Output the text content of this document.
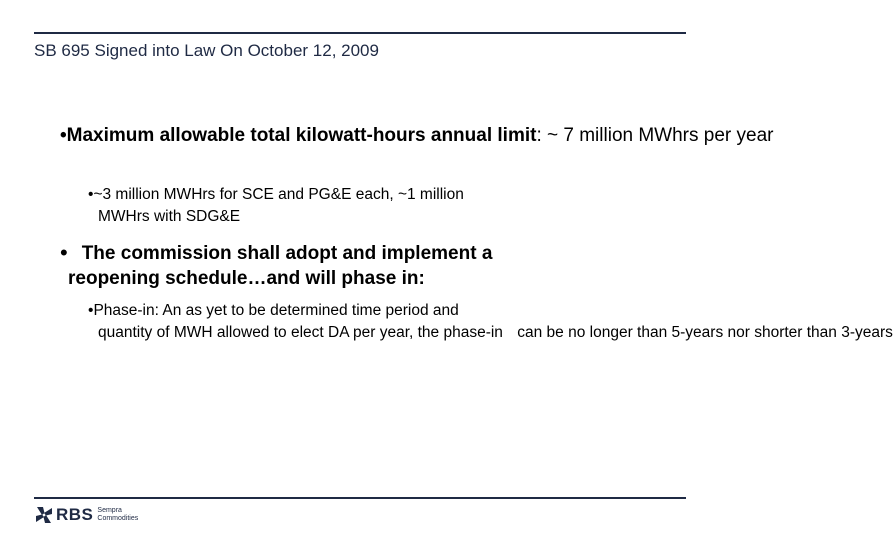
SB 695 Signed into Law On October 12, 2009
•Maximum allowable total kilowatt-hours annual limit: ~ 7 million MWhrs per year
•~3 million MWHrs for SCE and PG&E each, ~1 million
MWHrs with SDG&E
• The commission shall adopt and implement a
reopening schedule…and will phase in:
•Phase-in: An as yet to be determined time period and
quantity of MWH allowed to elect DA per year, the phase-in can be no longer than 5-years nor shorter than 3-years
RBS Sempra
Commodities
